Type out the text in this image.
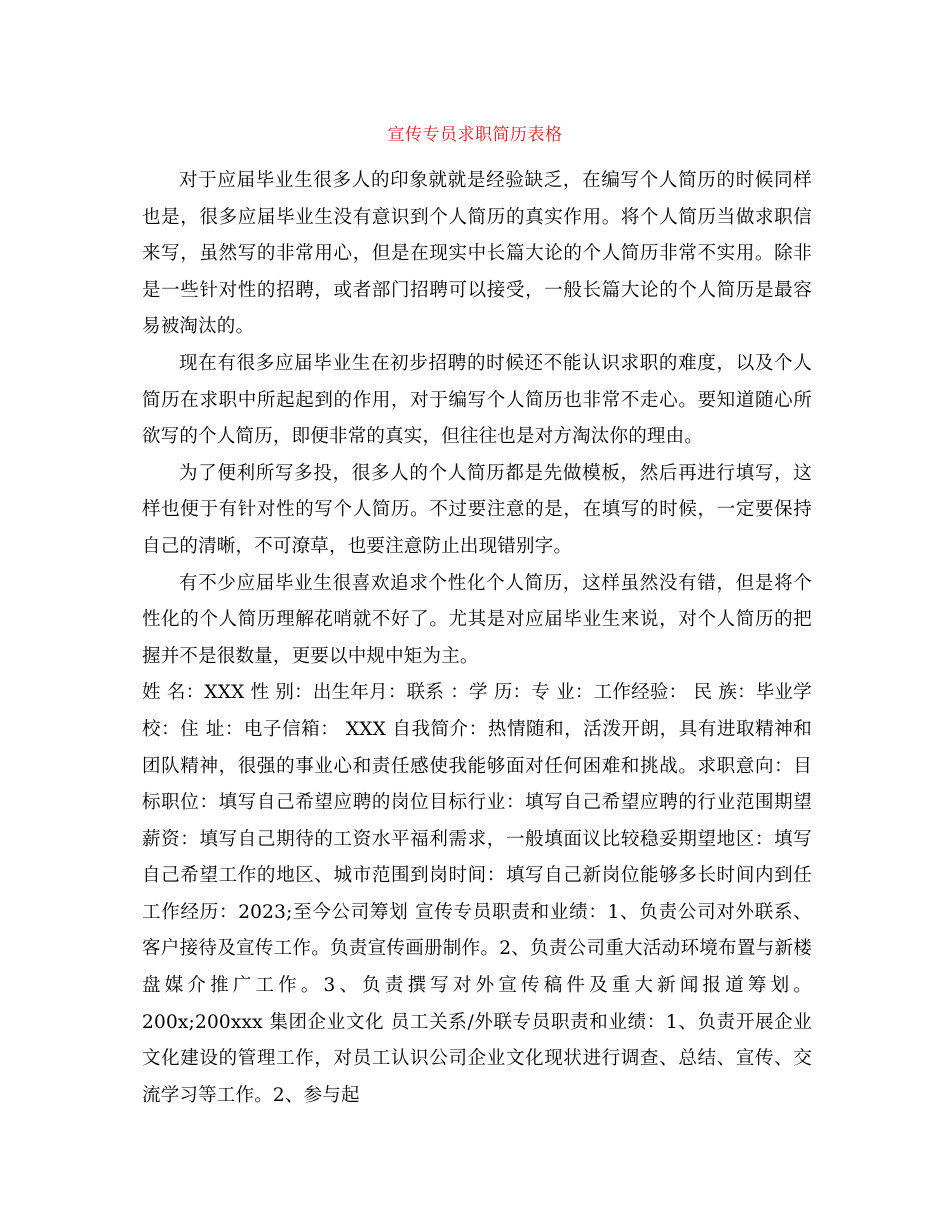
宣传专员求职简历表格

对于应届毕业生很多人的印象就就是经验缺乏，在编写个人简历的时候同样也是，很多应届毕业生没有意识到个人简历的真实作用。将个人简历当做求职信来写，虽然写的非常用心，但是在现实中长篇大论的个人简历非常不实用。除非是一些针对性的招聘，或者部门招聘可以接受，一般长篇大论的个人简历是最容易被淘汰的。

现在有很多应届毕业生在初步招聘的时候还不能认识求职的难度，以及个人简历在求职中所起起到的作用，对于编写个人简历也非常不走心。要知道随心所欲写的个人简历，即便非常的真实，但往往也是对方淘汰你的理由。

为了便利所写多投，很多人的个人简历都是先做模板，然后再进行填写，这样也便于有针对性的写个人简历。不过要注意的是，在填写的时候，一定要保持自己的清晰，不可潦草，也要注意防止出现错别字。

有不少应届毕业生很喜欢追求个性化个人简历，这样虽然没有错，但是将个性化的个人简历理解花哨就不好了。尤其是对应届毕业生来说，对个人简历的把握并不是很数量，更要以中规中矩为主。

姓 名：XXX 性 别：出生年月：联系 ：学 历：专 业：工作经验： 民 族：毕业学校：住 址：电子信箱： XXX 自我简介：热情随和，活泼开朗，具有进取精神和团队精神，很强的事业心和责任感使我能够面对任何困难和挑战。求职意向：目标职位：填写自己希望应聘的岗位目标行业：填写自己希望应聘的行业范围期望薪资：填写自己期待的工资水平福利需求，一般填面议比较稳妥期望地区：填写自己希望工作的地区、城市范围到岗时间：填写自己新岗位能够多长时间内到任工作经历：2023;至今公司筹划 宣传专员职责和业绩：1、负责公司对外联系、客户接待及宣传工作。负责宣传画册制作。2、负责公司重大活动环境布置与新楼盘媒介推广工作。3、负责撰写对外宣传稿件及重大新闻报道筹划。200x;200xxx 集团企业文化 员工关系/外联专员职责和业绩：1、负责开展企业文化建设的管理工作，对员工认识公司企业文化现状进行调查、总结、宣传、交流学习等工作。2、参与起
